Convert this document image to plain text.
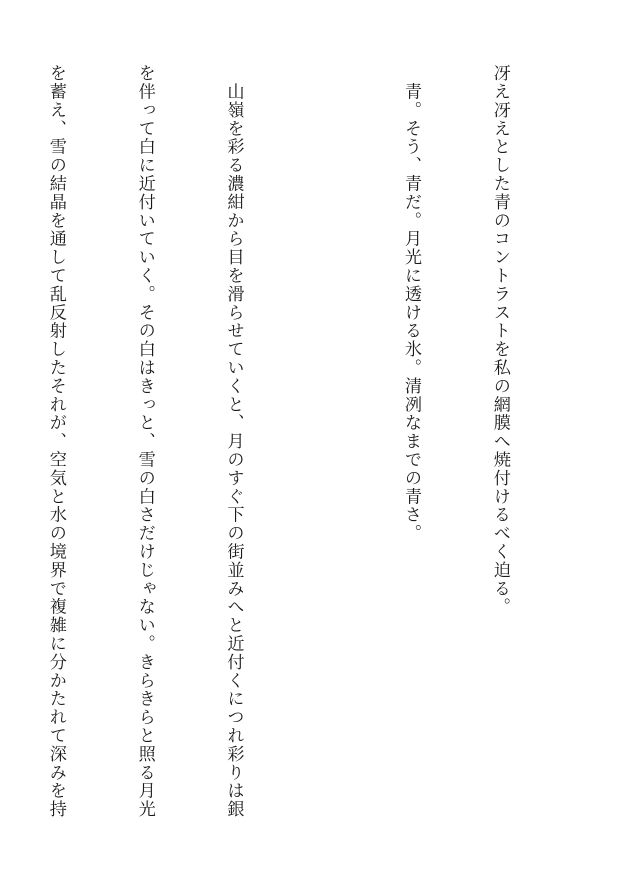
冴え冴えとした青のコントラストを私の網膜へ焼付けるべく迫る。

　青。そう、青だ。月光に透ける氷。清冽なまでの青さ。

　山嶺を彩る濃紺から目を滑らせていくと、月のすぐ下の街並みへと近付くにつれ彩りは銀

を伴って白に近付いていく。その白はきっと、雪の白さだけじゃない。きらきらと照る月光

を蓄え、雪の結晶を通して乱反射したそれが、空気と水の境界で複雑に分かたれて深みを持
